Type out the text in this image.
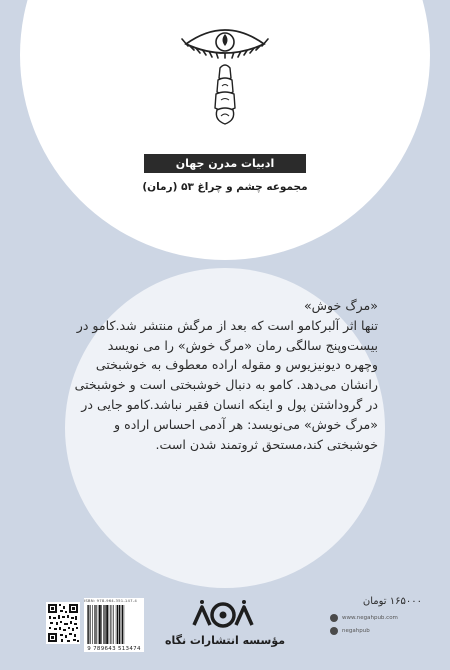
ادبیات مدرن جهان
مجموعه چشم و چراغ ۵۳ (رمان)
«مرگ خوش»
تنها اثر آلبرکامو است که بعد از مرگش منتشر شد.کامو در بیست‌وپنج سالگی رمان «مرگ خوش» را می‌ نویسد وچهره دیونیزیوس و مقوله اراده معطوف به خوشبختی رانشان می‌دهد. کامو به دنبال خوشبختی است و خوشبختی در گروداشتن پول و اینکه انسان فقیر نباشد.کامو جایی در «مرگ خوش» می‌نویسد: هر آدمی احساس اراده و خوشبختی کند،مستحق ثروتمند شدن است.
۱۶۵۰۰۰ تومان
www.negahpub.com
negahpub
مؤسسه انتشارات نگاه
ISBN: 978-964-351-147-4
9 789643 513474
